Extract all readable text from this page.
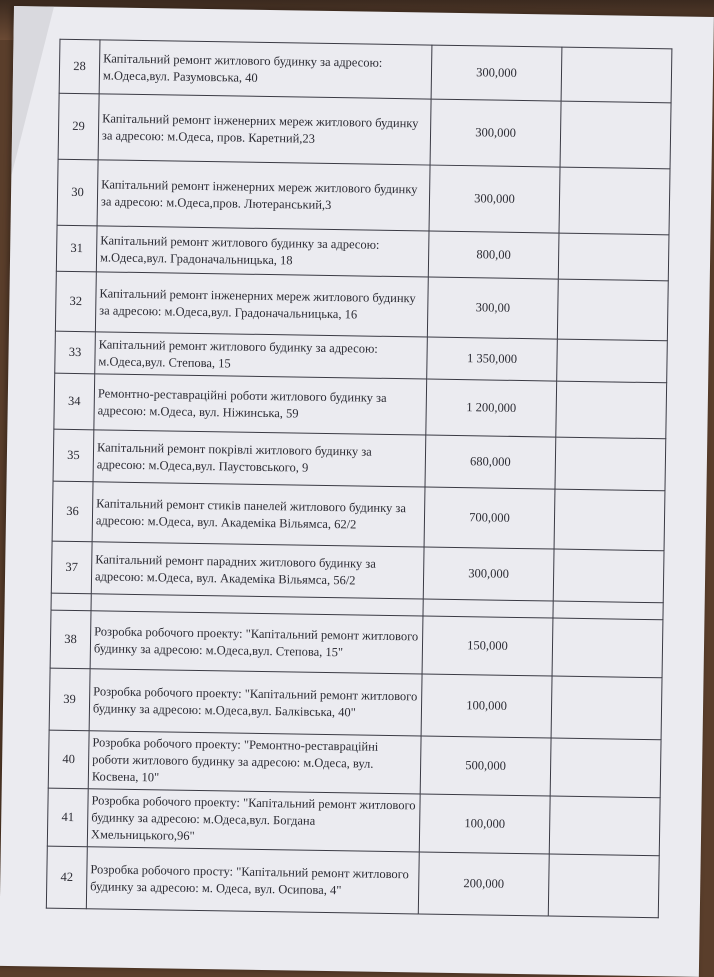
28	Капітальний ремонт житлового будинку за адресою: м.Одеса,вул. Разумовська, 40	300,000	
29	Капітальний ремонт інженерних мереж житлового будинку за адресою: м.Одеса, пров. Каретний,23	300,000	
30	Капітальний ремонт інженерних мереж житлового будинку за адресою: м.Одеса,пров. Лютеранський,3	300,000	
31	Капітальний ремонт житлового будинку за адресою: м.Одеса,вул. Градоначальницька, 18	800,00	
32	Капітальний ремонт інженерних мереж житлового будинку за адресою: м.Одеса,вул. Градоначальницька, 16	300,00	
33	Капітальний ремонт житлового будинку за адресою: м.Одеса,вул. Степова, 15	1 350,000	
34	Ремонтно-реставраційні роботи житлового будинку за адресою: м.Одеса, вул. Ніжинська, 59	1 200,000	
35	Капітальний ремонт покрівлі житлового будинку за адресою: м.Одеса,вул. Паустовського, 9	680,000	
36	Капітальний ремонт стиків панелей житлового будинку за адресою: м.Одеса, вул. Академіка Вільямса, 62/2	700,000	
37	Капітальний ремонт парадних житлового будинку за адресою: м.Одеса, вул. Академіка Вільямса, 56/2	300,000	

38	Розробка робочого проекту: "Капітальний ремонт житлового будинку за адресою: м.Одеса,вул. Степова, 15"	150,000	
39	Розробка робочого проекту: "Капітальний ремонт житлового будинку за адресою: м.Одеса,вул. Балківська, 40"	100,000	
40	Розробка робочого проекту: "Ремонтно-реставраційні роботи житлового будинку за адресою: м.Одеса, вул. Косвена, 10"	500,000	
41	Розробка робочого проекту: "Капітальний ремонт житлового будинку за адресою: м.Одеса,вул. Богдана Хмельницького,96"	100,000	
42	Розробка робочого просту: "Капітальний ремонт житлового будинку за адресою: м. Одеса, вул. Осипова, 4"	200,000	
